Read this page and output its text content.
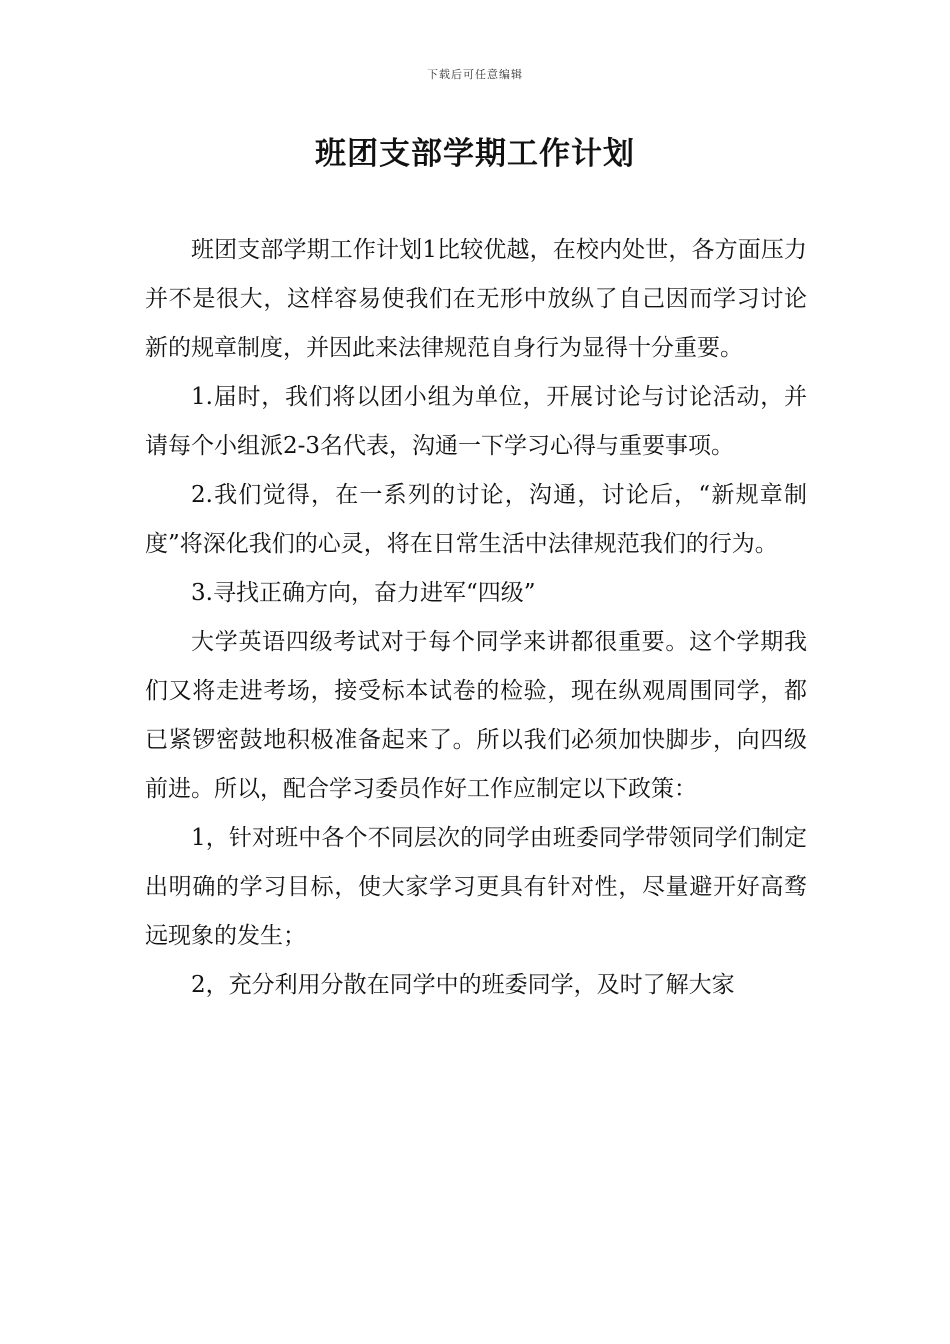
下载后可任意编辑
班团支部学期工作计划

班团支部学期工作计划1比较优越，在校内处世，各方面压力并不是很大，这样容易使我们在无形中放纵了自己因而学习讨论新的规章制度，并因此来法律规范自身行为显得十分重要。

1.届时，我们将以团小组为单位，开展讨论与讨论活动，并请每个小组派2-3名代表，沟通一下学习心得与重要事项。

2.我们觉得，在一系列的讨论，沟通，讨论后，“新规章制度”将深化我们的心灵，将在日常生活中法律规范我们的行为。

3.寻找正确方向，奋力进军“四级”

大学英语四级考试对于每个同学来讲都很重要。这个学期我们又将走进考场，接受标本试卷的检验，现在纵观周围同学，都已紧锣密鼓地积极准备起来了。所以我们必须加快脚步，向四级前进。所以，配合学习委员作好工作应制定以下政策：

1，针对班中各个不同层次的同学由班委同学带领同学们制定出明确的学习目标，使大家学习更具有针对性，尽量避开好高骛远现象的发生；

2，充分利用分散在同学中的班委同学，及时了解大家
